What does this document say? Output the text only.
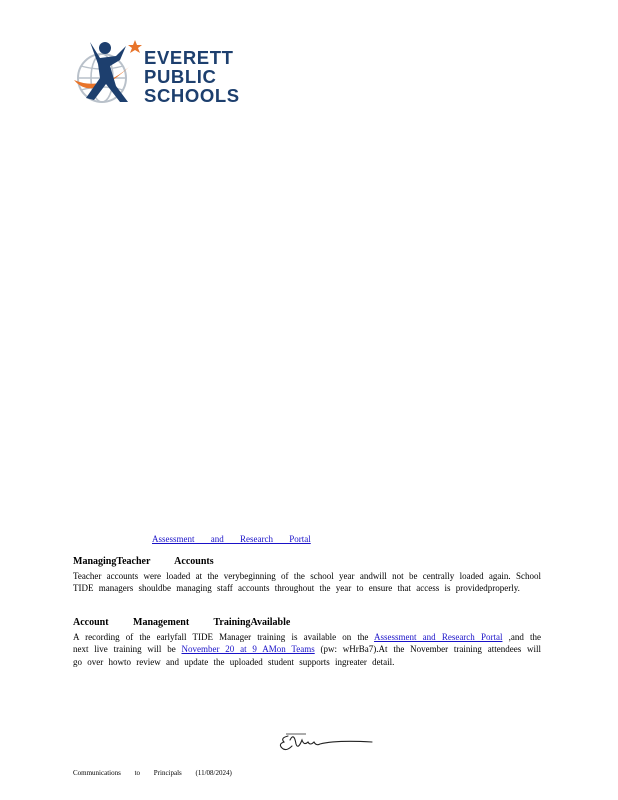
EVERETT
PUBLIC
SCHOOLS
Assessment and Research Portal
ManagingTeacher Accounts
Teacher accounts were loaded at the verybeginning of the school year andwill not be centrally loaded again. School TIDE managers shouldbe managing staff accounts throughout the year to ensure that access is providedproperly.
Account Management TrainingAvailable
A recording of the earlyfall TIDE Manager training is available on the Assessment and Research Portal ,and the next live training will be November 20 at 9 AMon Teams (pw: wHrBa7).At the November training attendees will go over howto review and update the uploaded student supports ingreater detail.
Communications to Principals (11/08/2024)
